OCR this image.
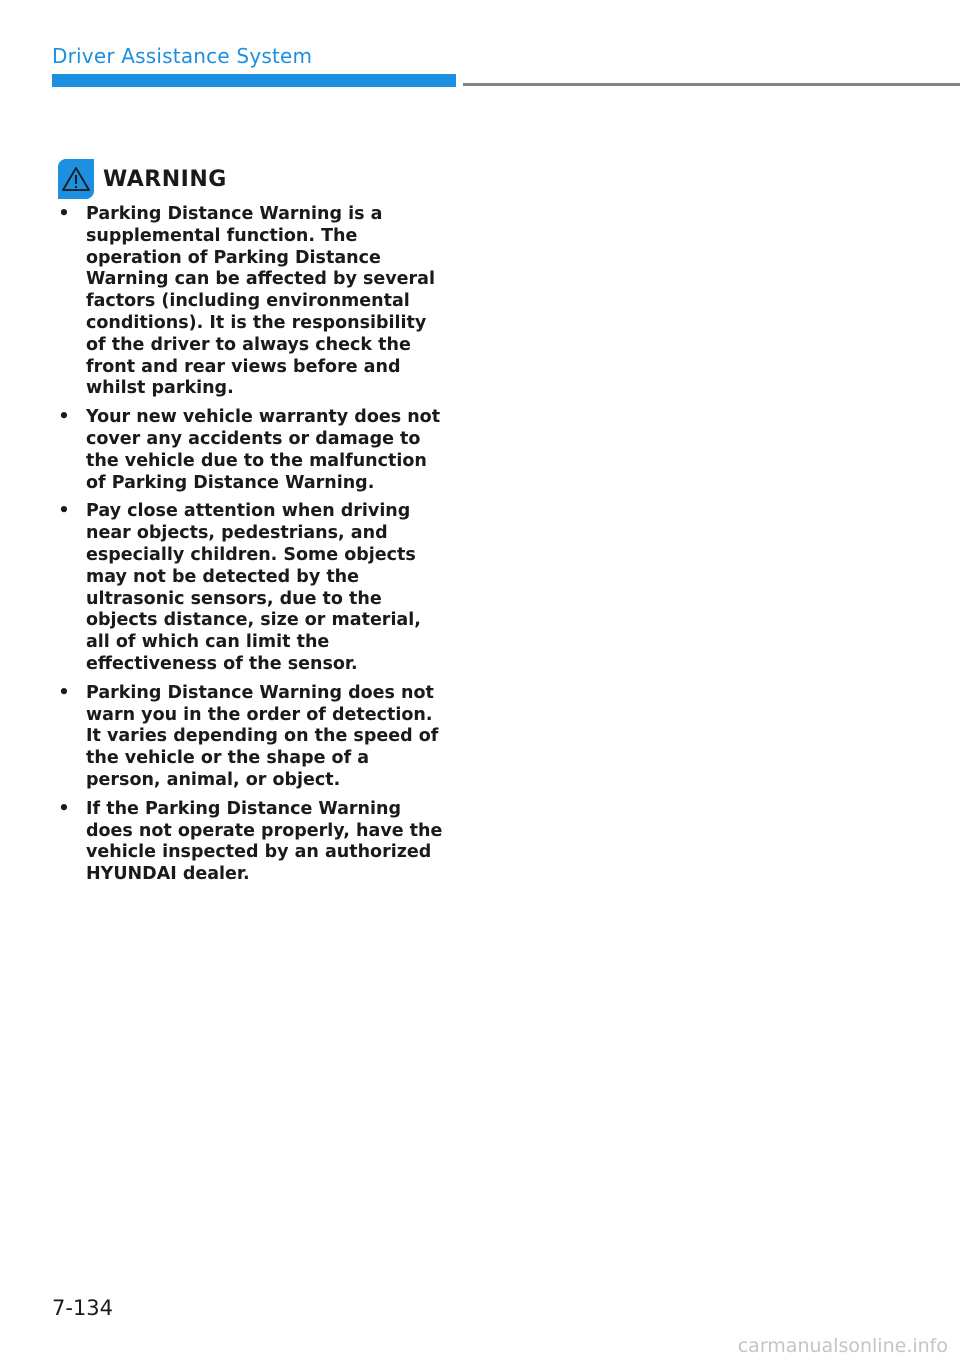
Driver Assistance System
WARNING
• Parking Distance Warning is a supplemental function. The operation of Parking Distance Warning can be affected by several factors (including environmental conditions). It is the responsibility of the driver to always check the front and rear views before and whilst parking.
• Your new vehicle warranty does not cover any accidents or damage to the vehicle due to the malfunction of Parking Distance Warning.
• Pay close attention when driving near objects, pedestrians, and especially children. Some objects may not be detected by the ultrasonic sensors, due to the objects distance, size or material, all of which can limit the effectiveness of the sensor.
• Parking Distance Warning does not warn you in the order of detection. It varies depending on the speed of the vehicle or the shape of a person, animal, or object.
• If the Parking Distance Warning does not operate properly, have the vehicle inspected by an authorized HYUNDAI dealer.
7-134
carmanualsonline.info
